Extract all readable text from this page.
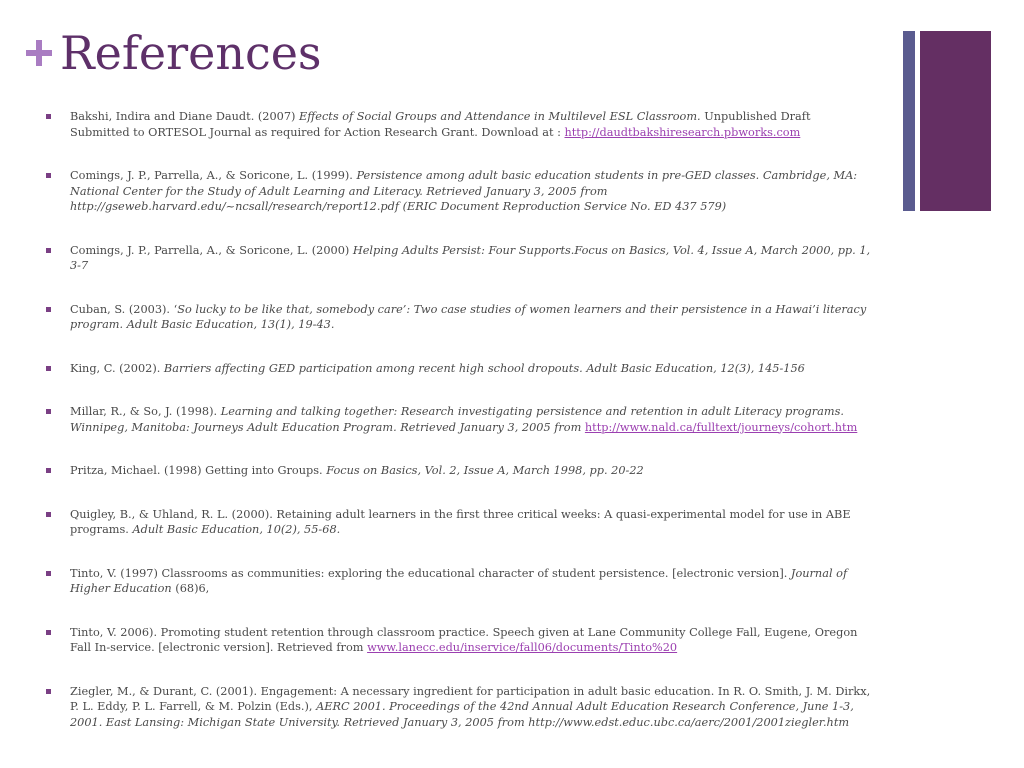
References
Bakshi, Indira and Diane Daudt. (2007) Effects of Social Groups and Attendance in Multilevel ESL Classroom. Unpublished Draft Submitted to ORTESOL Journal as required for Action Research Grant. Download at : http://daudtbakshiresearch.pbworks.com
Comings, J. P., Parrella, A., & Soricone, L. (1999). Persistence among adult basic education students in pre-GED classes. Cambridge, MA: National Center for the Study of Adult Learning and Literacy. Retrieved January 3, 2005 from http://gseweb.harvard.edu/~ncsall/research/report12.pdf (ERIC Document Reproduction Service No. ED 437 579)
Comings, J. P., Parrella, A., & Soricone, L. (2000) Helping Adults Persist: Four Supports.Focus on Basics, Vol. 4, Issue A, March 2000, pp. 1, 3-7
Cuban, S. (2003). ‘So lucky to be like that, somebody care’: Two case studies of women learners and their persistence in a Hawai’i literacy program. Adult Basic Education, 13(1), 19-43.
King, C. (2002). Barriers affecting GED participation among recent high school dropouts. Adult Basic Education, 12(3), 145-156
Millar, R., & So, J. (1998). Learning and talking together: Research investigating persistence and retention in adult Literacy programs. Winnipeg, Manitoba: Journeys Adult Education Program. Retrieved January 3, 2005 from http://www.nald.ca/fulltext/journeys/cohort.htm
Pritza, Michael. (1998) Getting into Groups. Focus on Basics, Vol. 2, Issue A, March 1998, pp. 20-22
Quigley, B., & Uhland, R. L. (2000). Retaining adult learners in the first three critical weeks: A quasi-experimental model for use in ABE programs. Adult Basic Education, 10(2), 55-68.
Tinto, V. (1997) Classrooms as communities: exploring the educational character of student persistence. [electronic version]. Journal of Higher Education (68)6,
Tinto, V. 2006). Promoting student retention through classroom practice. Speech given at Lane Community College Fall, Eugene, Oregon Fall In-service. [electronic version]. Retrieved from www.lanecc.edu/inservice/fall06/documents/Tinto%20
Ziegler, M., & Durant, C. (2001). Engagement: A necessary ingredient for participation in adult basic education. In R. O. Smith, J. M. Dirkx, P. L. Eddy, P. L. Farrell, & M. Polzin (Eds.), AERC 2001. Proceedings of the 42nd Annual Adult Education Research Conference, June 1-3, 2001. East Lansing: Michigan State University. Retrieved January 3, 2005 from http://www.edst.educ.ubc.ca/aerc/2001/2001ziegler.htm
